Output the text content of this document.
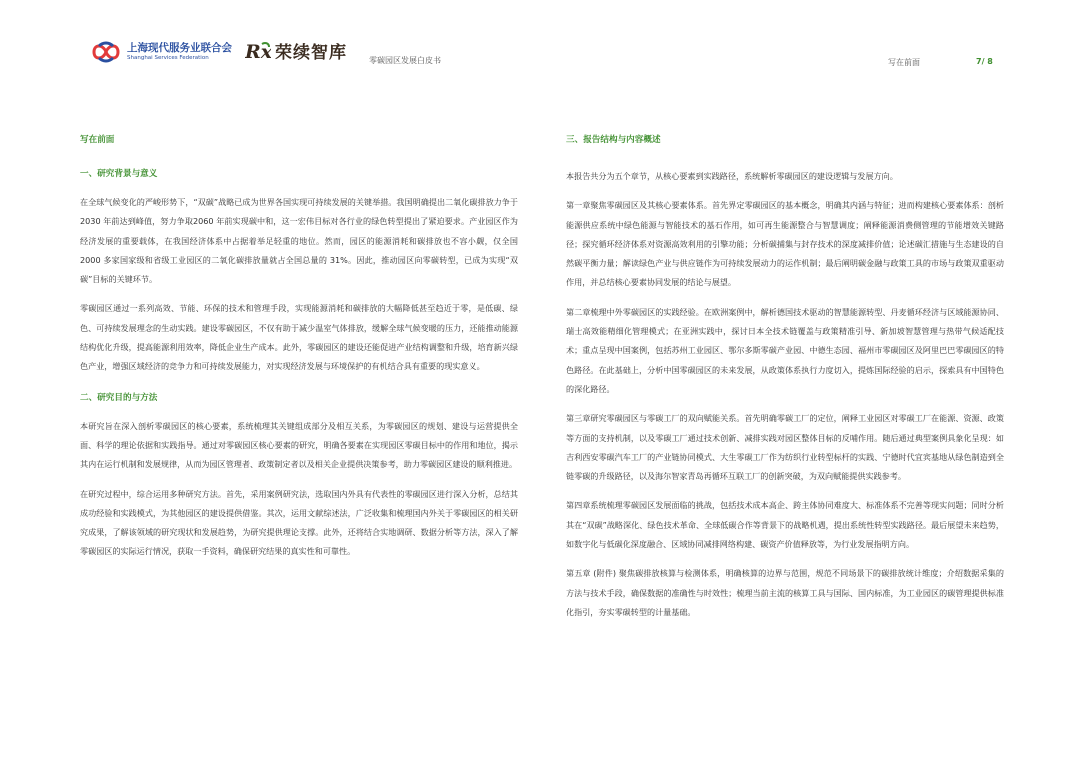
上海现代服务业联合会
Shanghai Services Federation	Rx 荣续智库	零碳园区发展白皮书	写在前面	7/ 8
写在前面
一、研究背景与意义

在全球气候变化的严峻形势下，“双碳”战略已成为世界各国实现可持续发展的关键举措。我国明确提出二氧化碳排放力争于 2030 年前达到峰值，努力争取2060 年前实现碳中和，这一宏伟目标对各行业的绿色转型提出了紧迫要求。产业园区作为经济发展的重要载体，在我国经济体系中占据着举足轻重的地位。然而，园区的能源消耗和碳排放也不容小觑，仅全国 2000 多家国家级和省级工业园区的二氧化碳排放量就占全国总量的 31%。因此，推动园区向零碳转型，已成为实现“双碳”目标的关键环节。

零碳园区通过一系列高效、节能、环保的技术和管理手段，实现能源消耗和碳排放的大幅降低甚至趋近于零，是低碳、绿色、可持续发展理念的生动实践。建设零碳园区，不仅有助于减少温室气体排放，缓解全球气候变暖的压力，还能推动能源结构优化升级，提高能源利用效率，降低企业生产成本。此外，零碳园区的建设还能促进产业结构调整和升级，培育新兴绿色产业，增强区域经济的竞争力和可持续发展能力，对实现经济发展与环境保护的有机结合具有重要的现实意义。

二、研究目的与方法

本研究旨在深入剖析零碳园区的核心要素，系统梳理其关键组成部分及相互关系，为零碳园区的规划、建设与运营提供全面、科学的理论依据和实践指导。通过对零碳园区核心要素的研究，明确各要素在实现园区零碳目标中的作用和地位，揭示其内在运行机制和发展规律，从而为园区管理者、政策制定者以及相关企业提供决策参考，助力零碳园区建设的顺利推进。

在研究过程中，综合运用多种研究方法。首先，采用案例研究法，选取国内外具有代表性的零碳园区进行深入分析，总结其成功经验和实践模式，为其他园区的建设提供借鉴。其次，运用文献综述法，广泛收集和梳理国内外关于零碳园区的相关研究成果，了解该领域的研究现状和发展趋势，为研究提供理论支撑。此外，还将结合实地调研、数据分析等方法，深入了解零碳园区的实际运行情况，获取一手资料，确保研究结果的真实性和可靠性。

三、报告结构与内容概述

本报告共分为五个章节，从核心要素到实践路径，系统解析零碳园区的建设逻辑与发展方向。

第一章聚焦零碳园区及其核心要素体系。首先界定零碳园区的基本概念，明确其内涵与特征；进而构建核心要素体系：剖析能源供应系统中绿色能源与智能技术的基石作用，如可再生能源整合与智慧调度；阐释能源消费侧管理的节能增效关键路径；探究循环经济体系对资源高效利用的引擎功能；分析碳捕集与封存技术的深度减排价值；论述碳汇措施与生态建设的自然碳平衡力量；解读绿色产业与供应链作为可持续发展动力的运作机制；最后阐明碳金融与政策工具的市场与政策双重驱动作用，并总结核心要素协同发展的结论与展望。

第二章梳理中外零碳园区的实践经验。在欧洲案例中，解析德国技术驱动的智慧能源转型、丹麦循环经济与区域能源协同、瑞士高效能精细化管理模式；在亚洲实践中，探讨日本全技术链覆盖与政策精准引导、新加坡智慧管理与热带气候适配技术；重点呈现中国案例，包括苏州工业园区、鄂尔多斯零碳产业园、中德生态园、福州市零碳园区及阿里巴巴零碳园区的特色路径。在此基础上，分析中国零碳园区的未来发展，从政策体系执行力度切入，提炼国际经验的启示，探索具有中国特色的深化路径。

第三章研究零碳园区与零碳工厂的双向赋能关系。首先明确零碳工厂的定位，阐释工业园区对零碳工厂在能源、资源、政策等方面的支持机制，以及零碳工厂通过技术创新、减排实践对园区整体目标的反哺作用。随后通过典型案例具象化呈现：如吉利西安零碳汽车工厂的产业链协同模式、大生零碳工厂作为纺织行业转型标杆的实践、宁德时代宜宾基地从绿色制造到全链零碳的升级路径，以及海尔智家青岛再循环互联工厂的创新突破，为双向赋能提供实践参考。

第四章系统梳理零碳园区发展面临的挑战，包括技术成本高企、跨主体协同难度大、标准体系不完善等现实问题；同时分析其在“双碳”战略深化、绿色技术革命、全球低碳合作等背景下的战略机遇，提出系统性转型实践路径。最后展望未来趋势，如数字化与低碳化深度融合、区域协同减排网络构建、碳资产价值释放等，为行业发展指明方向。

第五章 (附件) 聚焦碳排放核算与检测体系，明确核算的边界与范围，规范不同场景下的碳排放统计维度；介绍数据采集的方法与技术手段，确保数据的准确性与时效性；梳理当前主流的核算工具与国际、国内标准，为工业园区的碳管理提供标准化指引，夯实零碳转型的计量基础。
